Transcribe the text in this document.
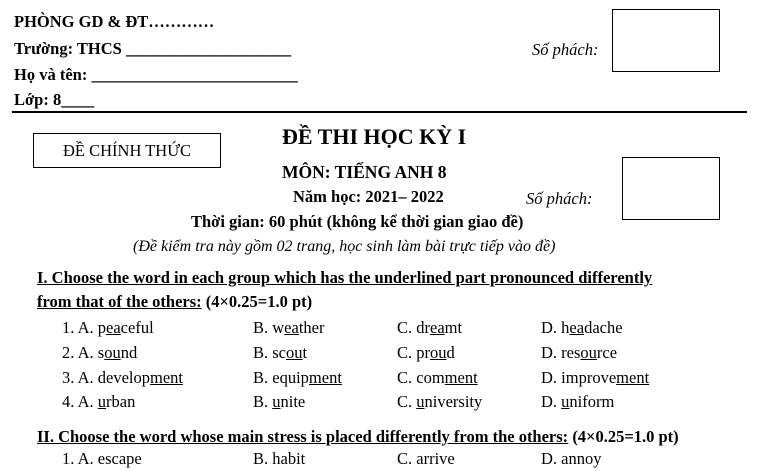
PHÒNG GD & ĐT…………
Trường: THCS ____________________
Họ và tên: _________________________
Lớp: 8____
Số phách:
ĐỀ CHÍNH THỨC
ĐỀ THI HỌC KỲ I
MÔN: TIẾNG ANH 8
Năm học: 2021– 2022	Số phách:
Thời gian: 60 phút (không kể thời gian giao đề)
(Đề kiểm tra này gồm 02 trang, học sinh làm bài trực tiếp vào đề)
I. Choose the word in each group which has the underlined part pronounced differently
from that of the others: (4×0.25=1.0 pt)
1. A. peaceful	B. weather	C. dreamt	D. headache
2. A. sound	B. scout	C. proud	D. resource
3. A. development	B. equipment	C. comment	D. improvement
4. A. urban	B. unite	C. university	D. uniform
II. Choose the word whose main stress is placed differently from the others: (4×0.25=1.0 pt)
1. A. escape	B. habit	C. arrive	D. annoy
